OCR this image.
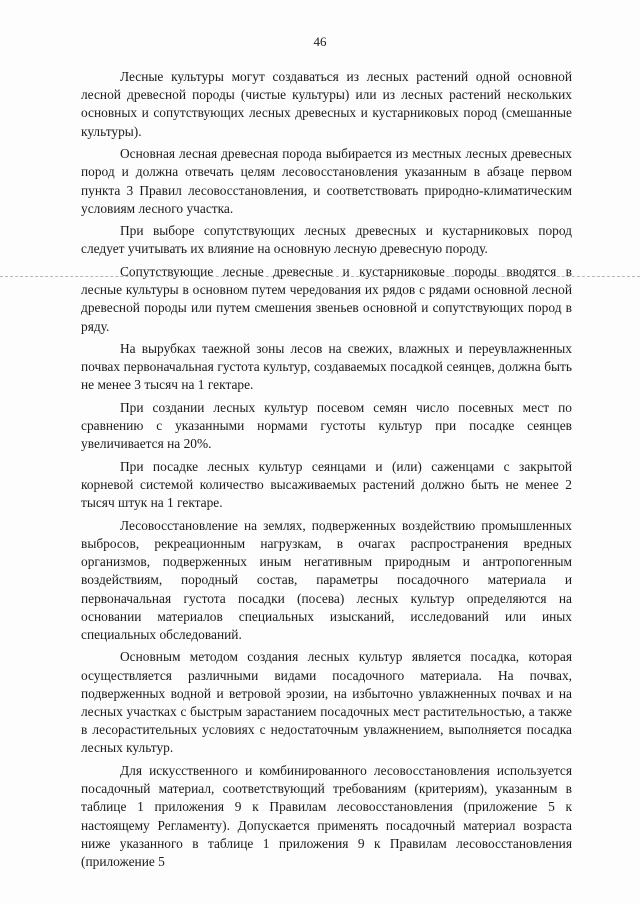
46

Лесные культуры могут создаваться из лесных растений одной основной лесной древесной породы (чистые культуры) или из лесных растений нескольких основных и сопутствующих лесных древесных и кустарниковых пород (смешанные культуры).

Основная лесная древесная порода выбирается из местных лесных древесных пород и должна отвечать целям лесовосстановления указанным в абзаце первом пункта 3 Правил лесовосстановления, и соответствовать природно-климатическим условиям лесного участка.

При выборе сопутствующих лесных древесных и кустарниковых пород следует учитывать их влияние на основную лесную древесную породу.

Сопутствующие лесные древесные и кустарниковые породы вводятся в лесные культуры в основном путем чередования их рядов с рядами основной лесной древесной породы или путем смешения звеньев основной и сопутствующих пород в ряду.

На вырубках таежной зоны лесов на свежих, влажных и переувлажненных почвах первоначальная густота культур, создаваемых посадкой сеянцев, должна быть не менее 3 тысяч на 1 гектаре.

При создании лесных культур посевом семян число посевных мест по сравнению с указанными нормами густоты культур при посадке сеянцев увеличивается на 20%.

При посадке лесных культур сеянцами и (или) саженцами с закрытой корневой системой количество высаживаемых растений должно быть не менее 2 тысяч штук на 1 гектаре.

Лесовосстановление на землях, подверженных воздействию промышленных выбросов, рекреационным нагрузкам, в очагах распространения вредных организмов, подверженных иным негативным природным и антропогенным воздействиям, породный состав, параметры посадочного материала и первоначальная густота посадки (посева) лесных культур определяются на основании материалов специальных изысканий, исследований или иных специальных обследований.

Основным методом создания лесных культур является посадка, которая осуществляется различными видами посадочного материала. На почвах, подверженных водной и ветровой эрозии, на избыточно увлажненных почвах и на лесных участках с быстрым зарастанием посадочных мест растительностью, а также в лесорастительных условиях с недостаточным увлажнением, выполняется посадка лесных культур.

Для искусственного и комбинированного лесовосстановления используется посадочный материал, соответствующий требованиям (критериям), указанным в таблице 1 приложения 9 к Правилам лесовосстановления (приложение 5 к настоящему Регламенту). Допускается применять посадочный материал возраста ниже указанного в таблице 1 приложения 9 к Правилам лесовосстановления (приложение 5
